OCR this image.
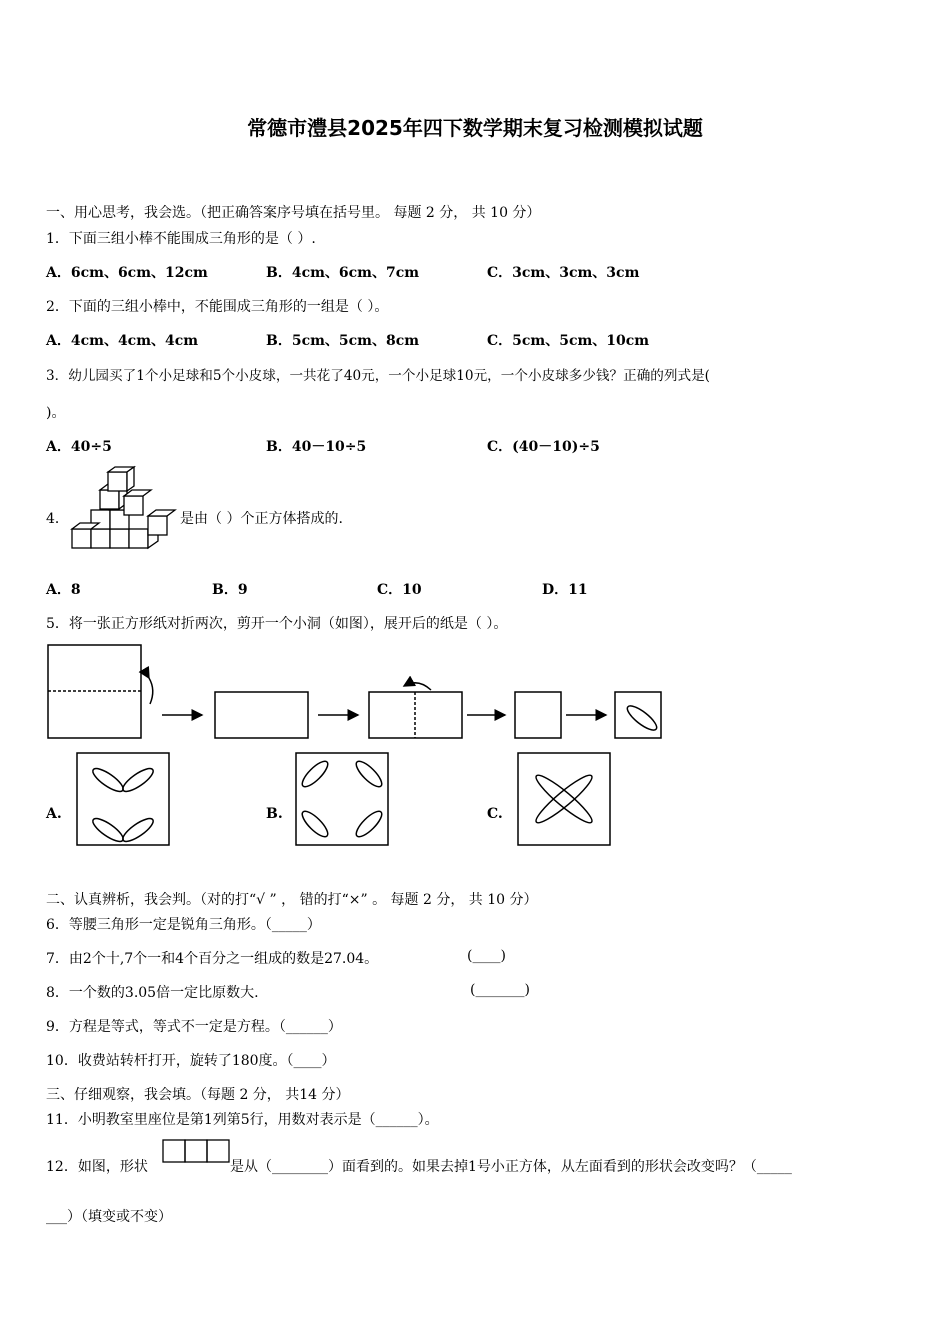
常德市澧县2025年四下数学期末复习检测模拟试题
一、用心思考，我会选。（把正确答案序号填在括号里。 每题 2 分， 共 10 分）
1．下面三组小棒不能围成三角形的是（ ）.
A．6cm、6cm、12cm	B．4cm、6cm、7cm	C．3cm、3cm、3cm
2．下面的三组小棒中，不能围成三角形的一组是（ ）。
A．4cm、4cm、4cm	B．5cm、5cm、8cm	C．5cm、5cm、10cm
3．幼儿园买了1个小足球和5个小皮球，一共花了40元，一个小足球10元，一个小皮球多少钱？正确的列式是(
)。
A．40÷5	B．40－10÷5	C．(40－10)÷5
4．	是由（ ）个正方体搭成的.
A．8	B．9	C．10	D．11
5．将一张正方形纸对折两次，剪开一个小洞（如图），展开后的纸是（ ）。
A.	B.	C.
二、认真辨析，我会判。（对的打“√ ” ， 错的打“×” 。 每题 2 分， 共 10 分）
6．等腰三角形一定是锐角三角形。（_____）
7．由2个十,7个一和4个百分之一组成的数是27.04。	(____)
8．一个数的3.05倍一定比原数大.	(_______)
9．方程是等式，等式不一定是方程。（______）
10．收费站转杆打开，旋转了180度。（____）
三、仔细观察，我会填。（每题 2 分， 共14 分）
11．小明教室里座位是第1列第5行，用数对表示是（______）。
12．如图，形状	是从（________）面看到的。如果去掉1号小正方体，从左面看到的形状会改变吗？（_____
___）（填变或不变）
